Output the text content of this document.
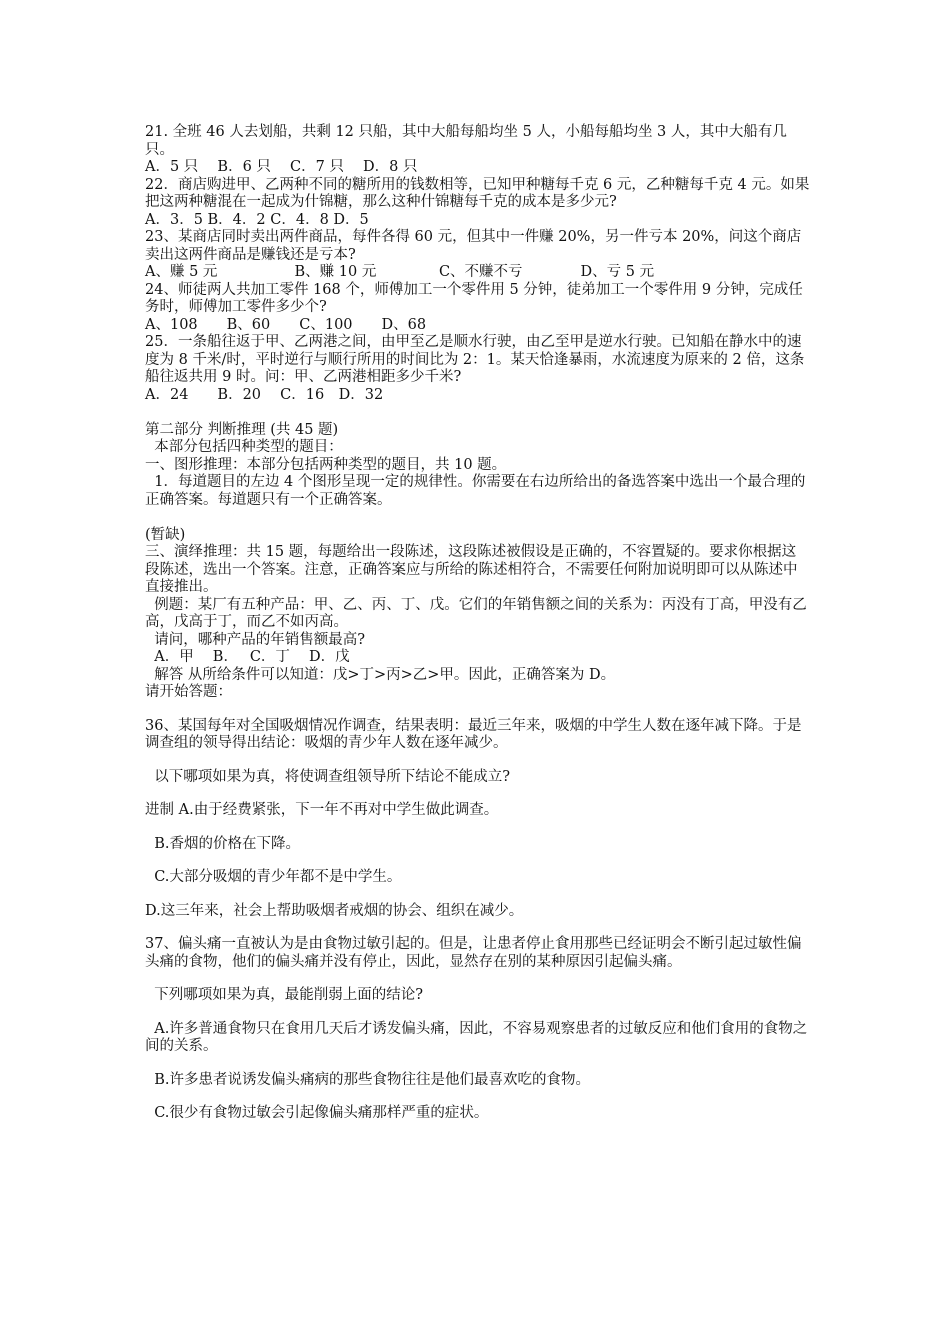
21. 全班 46 人去划船，共剩 12 只船，其中大船每船均坐 5 人，小船每船均坐 3 人，其中大船有几只。

A．5 只　 B．6 只　 C．7 只　 D．8 只

22．商店购进甲、乙两种不同的糖所用的钱数相等，已知甲种糖每千克 6 元，乙种糖每千克 4 元。如果把这两种糖混在一起成为什锦糖，那么这种什锦糖每千克的成本是多少元?

A．3．5 B．4．2 C．4．8 D．5

23、某商店同时卖出两件商品，每件各得 60 元，但其中一件赚 20%，另一件亏本 20%，问这个商店卖出这两件商品是赚钱还是亏本?

A、赚 5 元　　　　　 B、赚 10 元　　　　 C、不赚不亏　　　　D、亏 5 元

24、师徒两人共加工零件 168 个，师傅加工一个零件用 5 分钟，徒弟加工一个零件用 9 分钟，完成任务时，师傅加工零件多少个?

A、108　　B、60　　C、100　　D、68

25．一条船往返于甲、乙两港之间，由甲至乙是顺水行驶，由乙至甲是逆水行驶。已知船在静水中的速度为 8 千米/时，平时逆行与顺行所用的时间比为 2：1。某天恰逢暴雨，水流速度为原来的 2 倍，这条船往返共用 9 时。问：甲、乙两港相距多少千米?

A．24　　B．20　 C．16　D．32

第二部分 判断推理 (共 45 题)

本部分包括四种类型的题目：

一、图形推理：本部分包括两种类型的题目，共 10 题。

1．每道题目的左边 4 个图形呈现一定的规律性。你需要在右边所给出的备选答案中选出一个最合理的正确答案。每道题只有一个正确答案。

(暂缺)

三、演绎推理：共 15 题，每题给出一段陈述，这段陈述被假设是正确的，不容置疑的。要求你根据这段陈述，选出一个答案。注意，正确答案应与所给的陈述相符合，不需要任何附加说明即可以从陈述中直接推出。

例题：某厂有五种产品：甲、乙、丙、丁、戊。它们的年销售额之间的关系为：丙没有丁高，甲没有乙高，戊高于丁，而乙不如丙高。

请问，哪种产品的年销售额最高?

A．甲　 B．　 C．丁　 D．戊

解答 从所给条件可以知道：戊>丁>丙>乙>甲。因此，正确答案为 D。

请开始答题：

36、某国每年对全国吸烟情况作调查，结果表明：最近三年来，吸烟的中学生人数在逐年减下降。于是调查组的领导得出结论：吸烟的青少年人数在逐年减少。

以下哪项如果为真，将使调查组领导所下结论不能成立?

进制 A.由于经费紧张，下一年不再对中学生做此调查。

B.香烟的价格在下降。

C.大部分吸烟的青少年都不是中学生。

D.这三年来，社会上帮助吸烟者戒烟的协会、组织在减少。

37、偏头痛一直被认为是由食物过敏引起的。但是，让患者停止食用那些已经证明会不断引起过敏性偏头痛的食物，他们的偏头痛并没有停止，因此，显然存在别的某种原因引起偏头痛。

下列哪项如果为真，最能削弱上面的结论?

A.许多普通食物只在食用几天后才诱发偏头痛，因此，不容易观察患者的过敏反应和他们食用的食物之间的关系。

B.许多患者说诱发偏头痛病的那些食物往往是他们最喜欢吃的食物。

C.很少有食物过敏会引起像偏头痛那样严重的症状。
